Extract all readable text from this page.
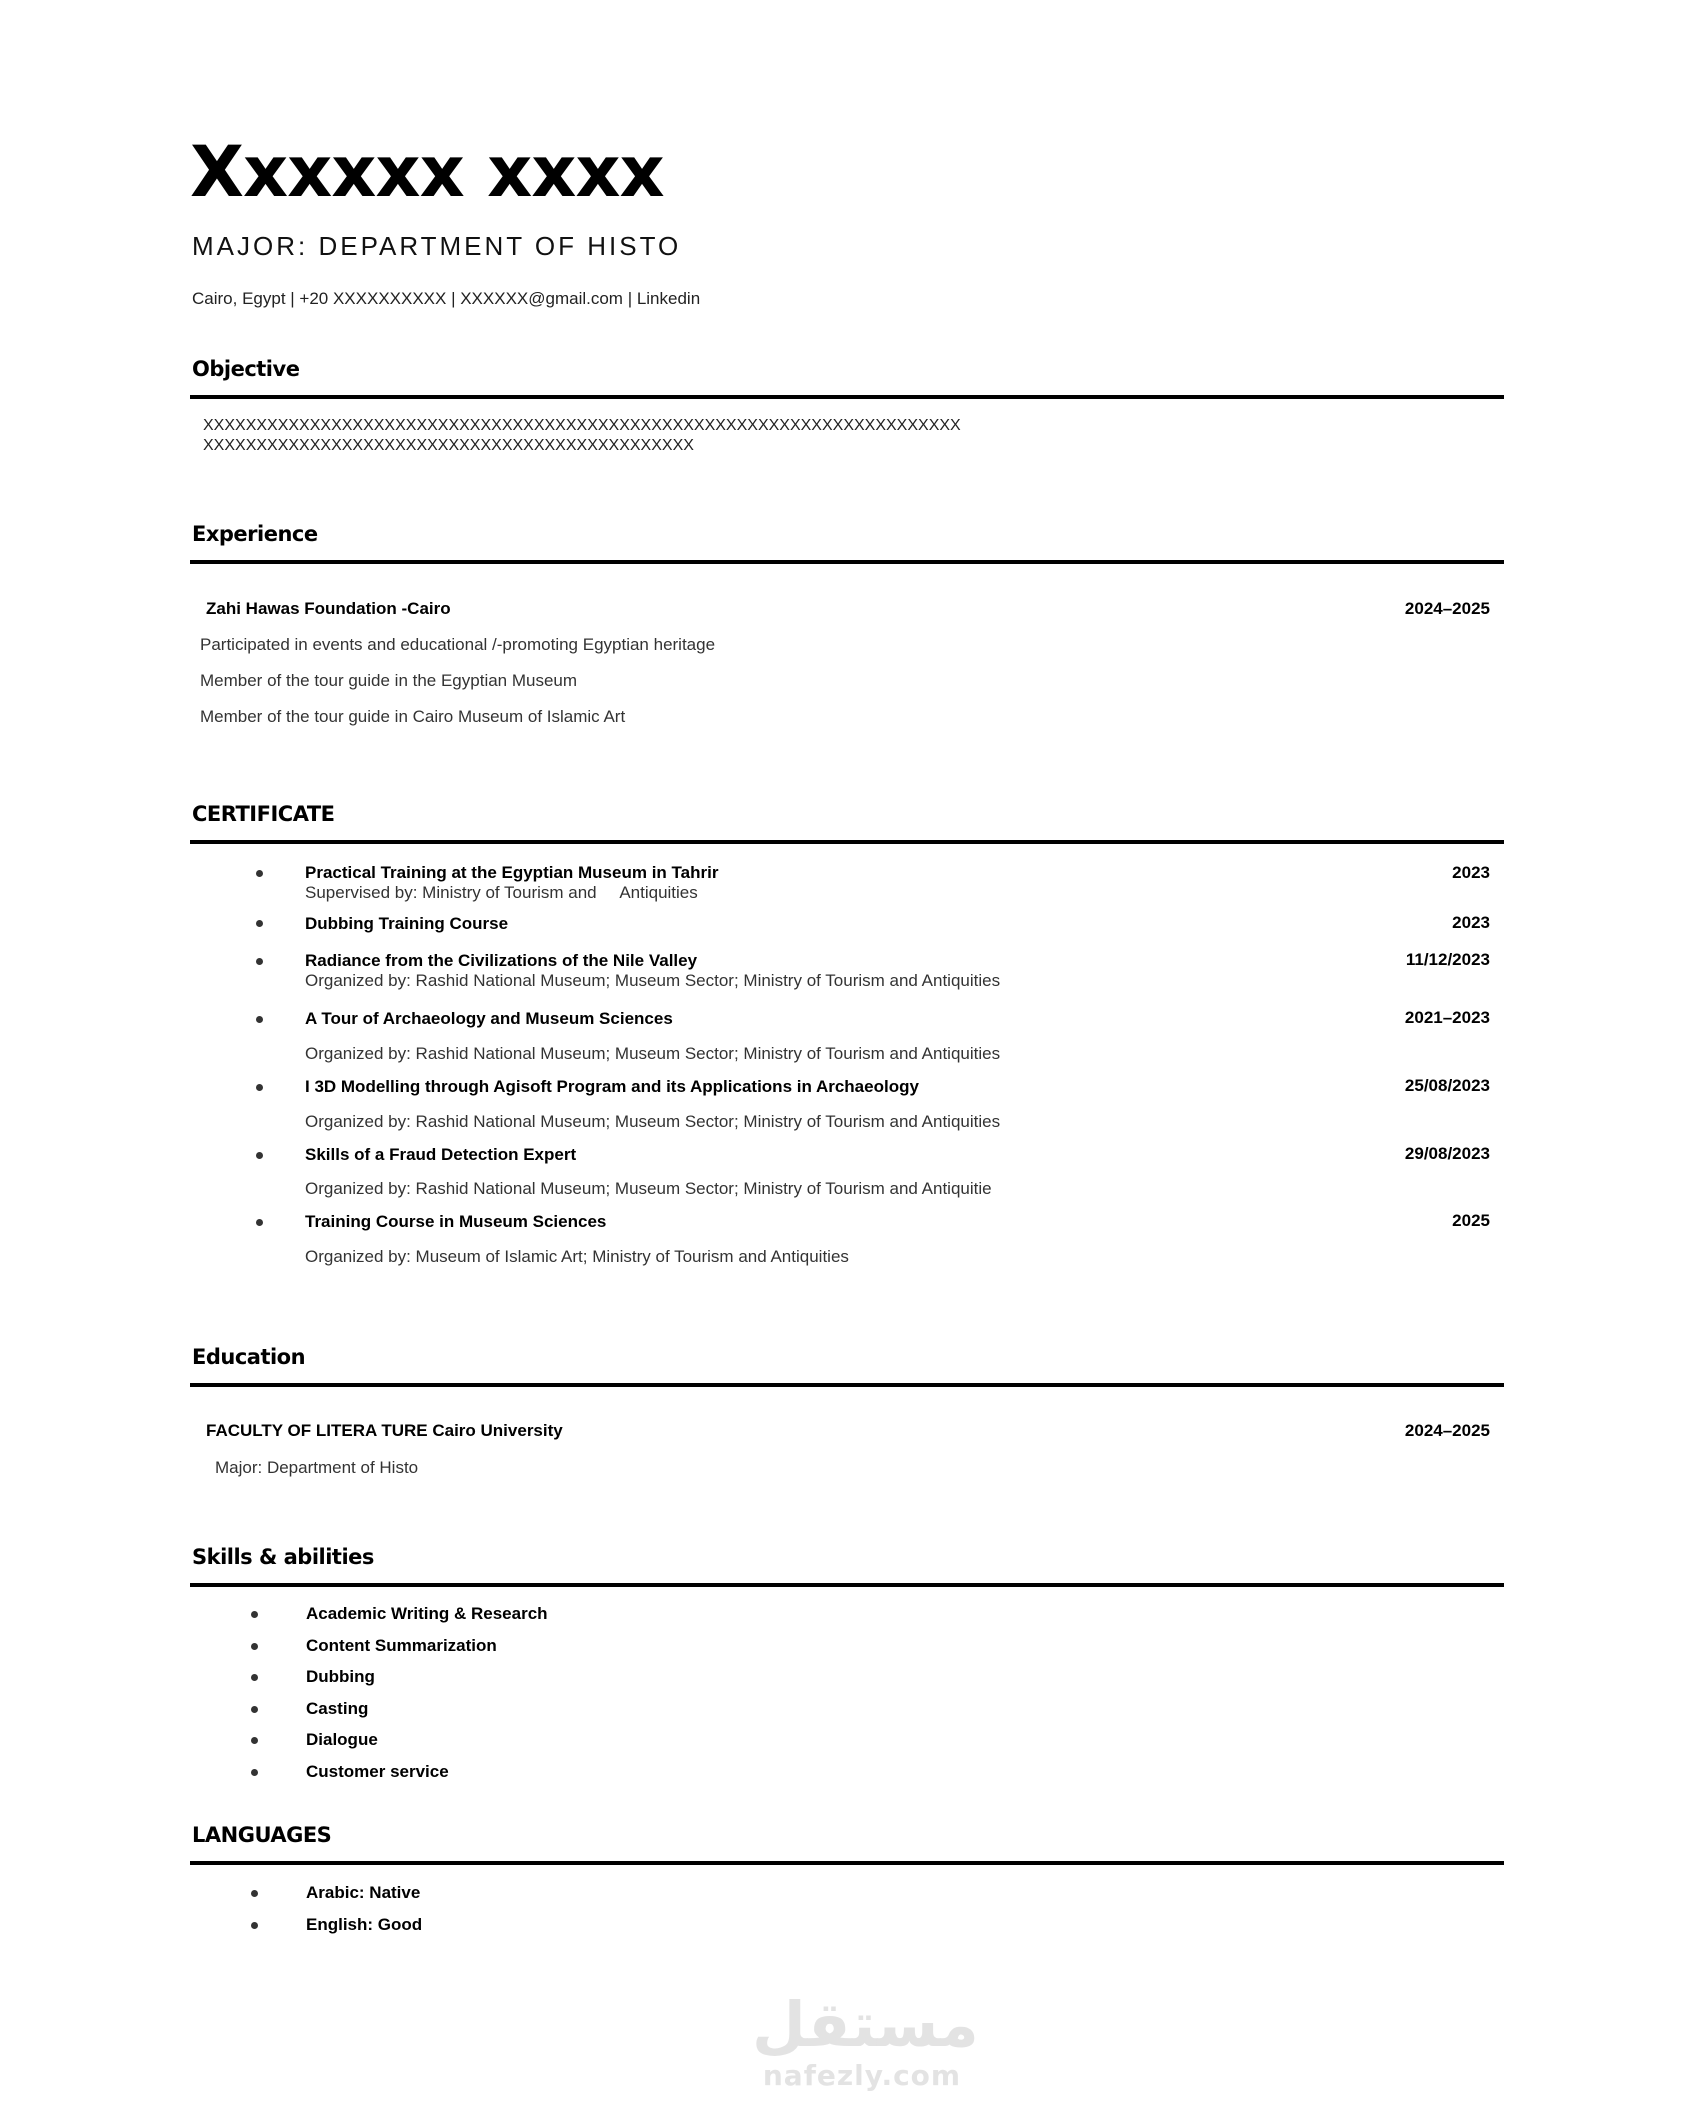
Xxxxxx xxxx
MAJOR: DEPARTMENT OF HISTO
Cairo, Egypt | +20 XXXXXXXXXX | XXXXXX@gmail.com | Linkedin
Objective
XXXXXXXXXXXXXXXXXXXXXXXXXXXXXXXXXXXXXXXXXXXXXXXXXXXXXXXXXXXXXXXXXXXXXXXXXXXXXXXXXXXXXXXXXXXXXXXXXXXXXXXXXXXXXXXXXXXXX
Experience
Zahi Hawas Foundation -Cairo	2024–2025
Participated in events and educational /-promoting Egyptian heritage
Member of the tour guide in the Egyptian Museum
Member of the tour guide in Cairo Museum of Islamic Art
CERTIFICATE
Practical Training at the Egyptian Museum in Tahrir	2023
Supervised by: Ministry of Tourism and     Antiquities
Dubbing Training Course	2023
Radiance from the Civilizations of the Nile Valley	11/12/2023
Organized by: Rashid National Museum; Museum Sector; Ministry of Tourism and Antiquities
A Tour of Archaeology and Museum Sciences	2021–2023
Organized by: Rashid National Museum; Museum Sector; Ministry of Tourism and Antiquities
I 3D Modelling through Agisoft Program and its Applications in Archaeology	25/08/2023
Organized by: Rashid National Museum; Museum Sector; Ministry of Tourism and Antiquities
Skills of a Fraud Detection Expert	29/08/2023
Organized by: Rashid National Museum; Museum Sector; Ministry of Tourism and Antiquitie
Training Course in Museum Sciences	2025
Organized by: Museum of Islamic Art; Ministry of Tourism and Antiquities
Education
FACULTY OF LITERA TURE Cairo University	2024–2025
Major: Department of Histo
Skills & abilities
Academic Writing & Research
Content Summarization
Dubbing
Casting
Dialogue
Customer service
LANGUAGES
Arabic: Native
English: Good
مستقل
nafezly.com
